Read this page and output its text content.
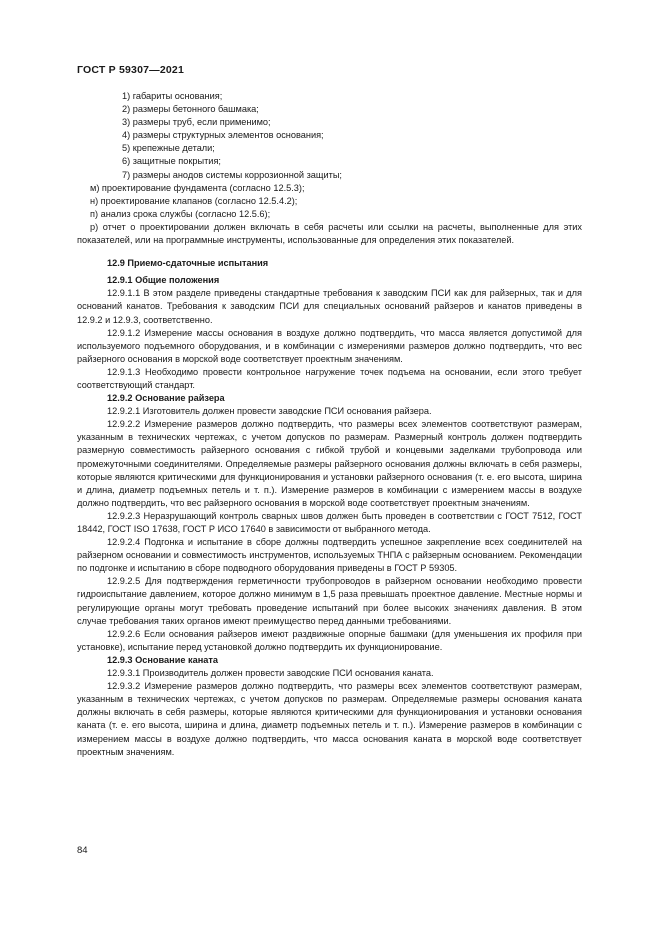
ГОСТ Р 59307—2021
1) габариты основания;
2) размеры бетонного башмака;
3) размеры труб, если применимо;
4) размеры структурных элементов основания;
5) крепежные детали;
6) защитные покрытия;
7) размеры анодов системы коррозионной защиты;
м) проектирование фундамента (согласно 12.5.3);
н) проектирование клапанов (согласно 12.5.4.2);
п) анализ срока службы (согласно 12.5.6);

р) отчет о проектировании должен включать в себя расчеты или ссылки на расчеты, выполненные для этих показателей, или на программные инструменты, использованные для определения этих показателей.

12.9 Приемо-сдаточные испытания
12.9.1 Общие положения

12.9.1.1 В этом разделе приведены стандартные требования к заводским ПСИ как для райзерных, так и для оснований канатов. Требования к заводским ПСИ для специальных оснований райзеров и канатов приведены в 12.9.2 и 12.9.3, соответственно.

12.9.1.2 Измерение массы основания в воздухе должно подтвердить, что масса является допустимой для используемого подъемного оборудования, и в комбинации с измерениями размеров должно подтвердить, что вес райзерного основания в морской воде соответствует проектным значениям.

12.9.1.3 Необходимо провести контрольное нагружение точек подъема на основании, если этого требует соответствующий стандарт.

12.9.2 Основание райзера

12.9.2.1 Изготовитель должен провести заводские ПСИ основания райзера.

12.9.2.2 Измерение размеров должно подтвердить, что размеры всех элементов соответствуют размерам, указанным в технических чертежах, с учетом допусков по размерам. Размерный контроль должен подтвердить размерную совместимость райзерного основания с гибкой трубой и концевыми заделками трубопровода или промежуточными соединителями. Определяемые размеры райзерного основания должны включать в себя размеры, которые являются критическими для функционирования и установки райзерного основания (т. е. его высота, ширина и длина, диаметр подъемных петель и т. п.). Измерение размеров в комбинации с измерением массы в воздухе должно подтвердить, что вес райзерного основания в морской воде соответствует проектным значениям.

12.9.2.3 Неразрушающий контроль сварных швов должен быть проведен в соответствии с ГОСТ 7512, ГОСТ 18442, ГОСТ ISO 17638, ГОСТ Р ИСО 17640 в зависимости от выбранного метода.

12.9.2.4 Подгонка и испытание в сборе должны подтвердить успешное закрепление всех соединителей на райзерном основании и совместимость инструментов, используемых ТНПА с райзерным основанием. Рекомендации по подгонке и испытанию в сборе подводного оборудования приведены в ГОСТ Р 59305.

12.9.2.5 Для подтверждения герметичности трубопроводов в райзерном основании необходимо провести гидроиспытание давлением, которое должно минимум в 1,5 раза превышать проектное давление. Местные нормы и регулирующие органы могут требовать проведение испытаний при более высоких значениях давления. В этом случае требования таких органов имеют преимущество перед данными требованиями.

12.9.2.6 Если основания райзеров имеют раздвижные опорные башмаки (для уменьшения их профиля при установке), испытание перед установкой должно подтвердить их функционирование.

12.9.3 Основание каната

12.9.3.1 Производитель должен провести заводские ПСИ основания каната.

12.9.3.2 Измерение размеров должно подтвердить, что размеры всех элементов соответствуют размерам, указанным в технических чертежах, с учетом допусков по размерам. Определяемые размеры основания каната должны включать в себя размеры, которые являются критическими для функционирования и установки основания каната (т. е. его высота, ширина и длина, диаметр подъемных петель и т. п.). Измерение размеров в комбинации с измерением массы в воздухе должно подтвердить, что масса основания каната в морской воде соответствует проектным значениям.

84
